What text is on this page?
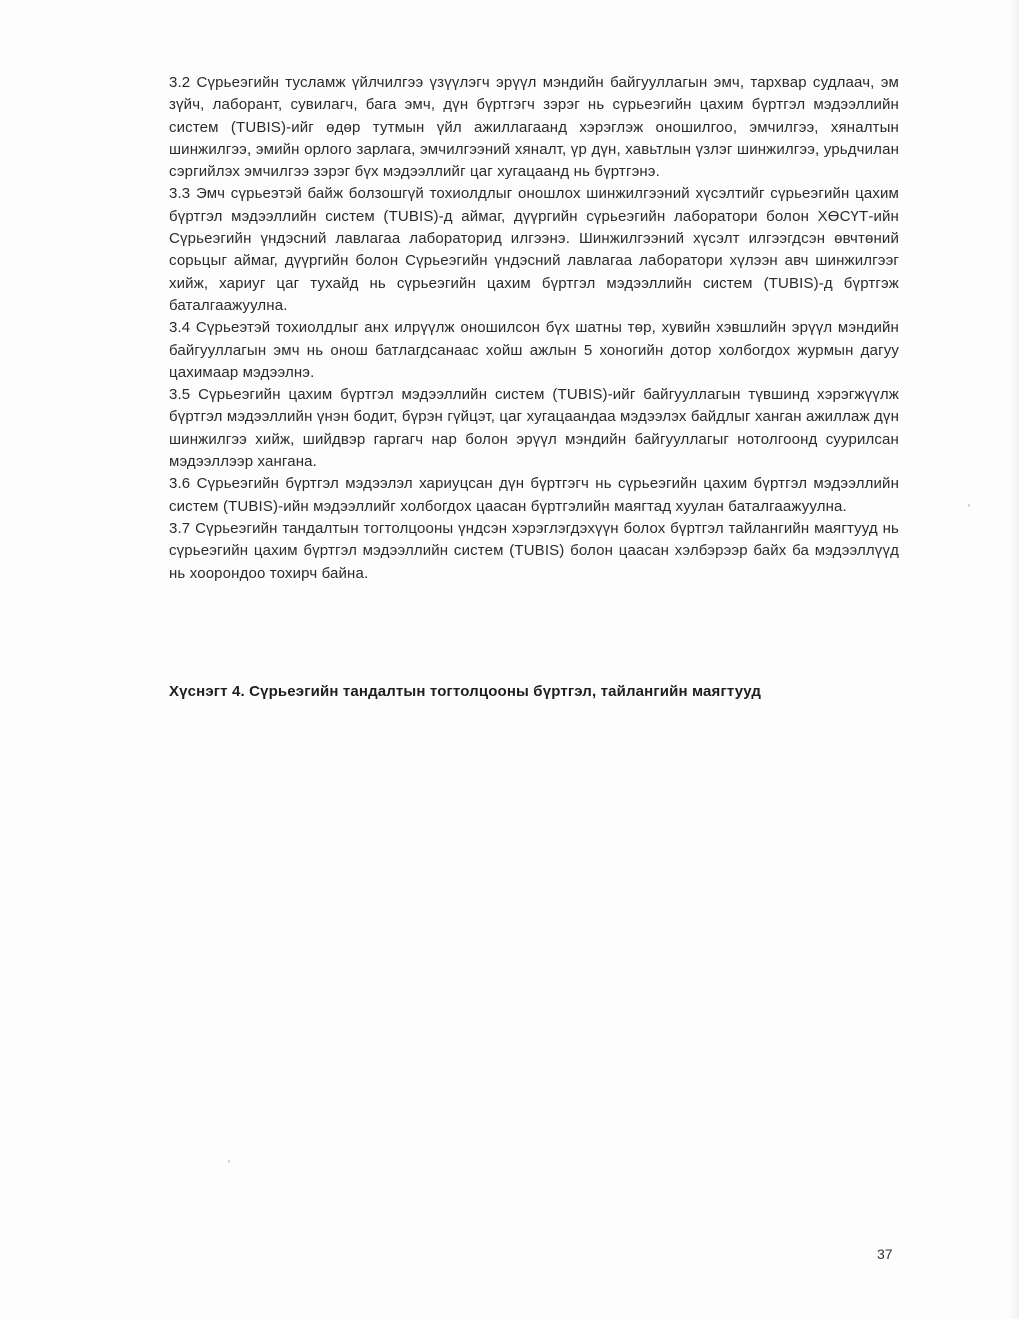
3.2 Сүрьеэгийн тусламж үйлчилгээ үзүүлэгч эрүүл мэндийн байгууллагын эмч, тархвар судлаач, эм зүйч, лаборант, сувилагч, бага эмч, дүн бүртгэгч зэрэг нь сүрьеэгийн цахим бүртгэл мэдээллийн систем (TUBIS)-ийг өдөр тутмын үйл ажиллагаанд хэрэглэж оношилгоо, эмчилгээ, хяналтын шинжилгээ, эмийн орлого зарлага, эмчилгээний хяналт, үр дүн, хавьтлын үзлэг шинжилгээ, урьдчилан сэргийлэх эмчилгээ зэрэг бүх мэдээллийг цаг хугацаанд нь бүртгэнэ.

3.3 Эмч сүрьеэтэй байж болзошгүй тохиолдлыг оношлох шинжилгээний хүсэлтийг сүрьеэгийн цахим бүртгэл мэдээллийн систем (TUBIS)-д аймаг, дүүргийн сүрьеэгийн лаборатори болон ХӨСҮТ-ийн Сүрьеэгийн үндэсний лавлагаа лабораторид илгээнэ. Шинжилгээний хүсэлт илгээгдсэн өвчтөний сорьцыг аймаг, дүүргийн болон Сүрьеэгийн үндэсний лавлагаа лаборатори хүлээн авч шинжилгээг хийж, хариуг цаг тухайд нь сүрьеэгийн цахим бүртгэл мэдээллийн систем (TUBIS)-д бүртгэж баталгаажуулна.

3.4 Сүрьеэтэй тохиолдлыг анх илрүүлж оношилсон бүх шатны төр, хувийн хэвшлийн эрүүл мэндийн байгууллагын эмч нь онош батлагдсанаас хойш ажлын 5 хоногийн дотор холбогдох журмын дагуу цахимаар мэдээлнэ.

3.5 Сүрьеэгийн цахим бүртгэл мэдээллийн систем (TUBIS)-ийг байгууллагын түвшинд хэрэгжүүлж бүртгэл мэдээллийн үнэн бодит, бүрэн гүйцэт, цаг хугацаандаа мэдээлэх байдлыг ханган ажиллаж дүн шинжилгээ хийж, шийдвэр гаргагч нар болон эрүүл мэндийн байгууллагыг нотолгоонд суурилсан мэдээллээр хангана.

3.6 Сүрьеэгийн бүртгэл мэдээлэл хариуцсан дүн бүртгэгч нь сүрьеэгийн цахим бүртгэл мэдээллийн систем (TUBIS)-ийн мэдээллийг холбогдох цаасан бүртгэлийн маягтад хуулан баталгаажуулна.

3.7 Сүрьеэгийн тандалтын тогтолцооны үндсэн хэрэглэгдэхүүн болох бүртгэл тайлангийн маягтууд нь сүрьеэгийн цахим бүртгэл мэдээллийн систем (TUBIS) болон цаасан хэлбэрээр байх ба мэдээллүүд нь хоорондоо тохирч байна.

Хүснэгт 4. Сүрьеэгийн тандалтын тогтолцооны бүртгэл, тайлангийн маягтууд

37
